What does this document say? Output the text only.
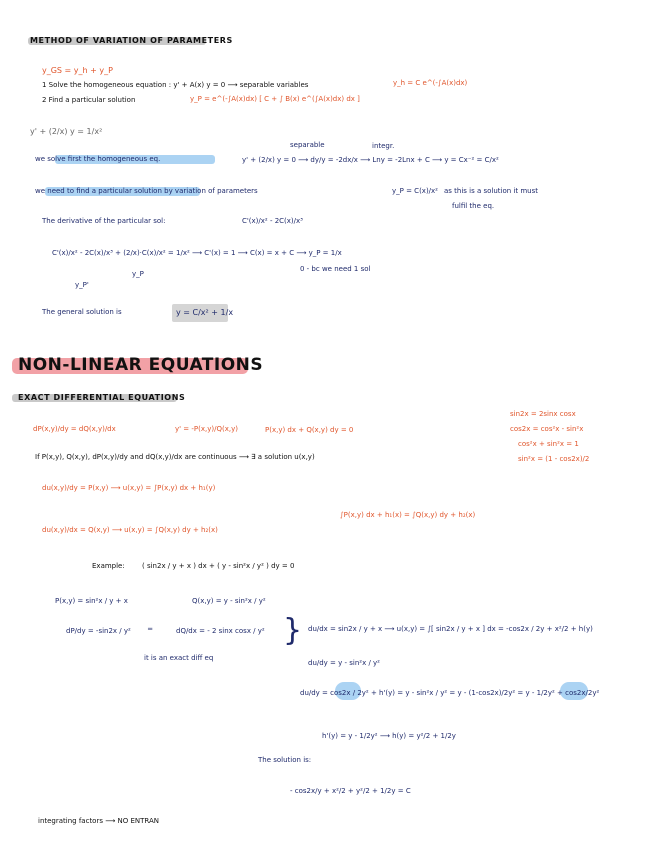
METHOD OF VARIATION OF PARAMETERS
y_GS = y_h + y_P
1 Solve the homogeneous equation : y' + A(x) y = 0 ⟶ separable variables	y_h = C e^(-∫A(x)dx)
2 Find a particular solution	y_P = e^(-∫A(x)dx) [ C + ∫ B(x) e^(∫A(x)dx) dx ]
y' + (2/x) y = 1/x²
separable	integr.
we solve first the homogeneous eq.	y' + (2/x) y = 0 ⟶ dy/y = -2dx/x ⟶ Lny = -2Lnx + C ⟶ y = Cx⁻² = C/x²
we need to find a particular solution by variation of parameters	y_P = C(x)/x² as this is a solution it must
fulfil the eq.
The derivative of the particular sol:	C'(x)/x² - 2C(x)/x³
C'(x)/x² - 2C(x)/x³ + (2/x)·C(x)/x² = 1/x² ⟶ C'(x) = 1 ⟶ C(x) = x + C ⟶ y_P = 1/x
y_P'
y_P
0 - bc we need 1 sol
The general solution is	y = C/x² + 1/x
NON-LINEAR EQUATIONS
EXACT DIFFERENTIAL EQUATIONS
sin2x = 2sinx cosx
cos2x = cos²x - sin²x
cos²x + sin²x = 1
sin²x = (1 - cos2x)/2
dP(x,y)/dy = dQ(x,y)/dx	y' = -P(x,y)/Q(x,y)	P(x,y) dx + Q(x,y) dy = 0
If P(x,y), Q(x,y), dP(x,y)/dy and dQ(x,y)/dx are continuous ⟶ ∃ a solution u(x,y)
du(x,y)/dy = P(x,y) ⟶ u(x,y) = ∫P(x,y) dx + h₁(y)
∫P(x,y) dx + h₁(x) = ∫Q(x,y) dy + h₂(x)
du(x,y)/dx = Q(x,y) ⟶ u(x,y) = ∫Q(x,y) dy + h₂(x)
Example: ( sin2x / y + x ) dx + ( y - sin²x / y² ) dy = 0
P(x,y) = sin²x / y + x	Q(x,y) = y - sin²x / y²
dP/dy = -sin2x / y² ═	dQ/dx = - 2 sinx cosx / y²
it is an exact diff eq
} du/dx = sin2x / y + x ⟶ u(x,y) = ∫[ sin2x / y + x ] dx = -cos2x / 2y + x²/2 + h(y)
du/dy = y - sin²x / y²
du/dy = cos2x / 2y² + h'(y) = y - sin²x / y² = y - (1-cos2x)/2y² = y - 1/2y² + cos2x/2y²
h'(y) = y - 1/2y² ⟶ h(y) = y²/2 + 1/2y
The solution is:
- cos2x/y + x²/2 + y²/2 + 1/2y = C
integrating factors ⟶ NO ENTRAN
